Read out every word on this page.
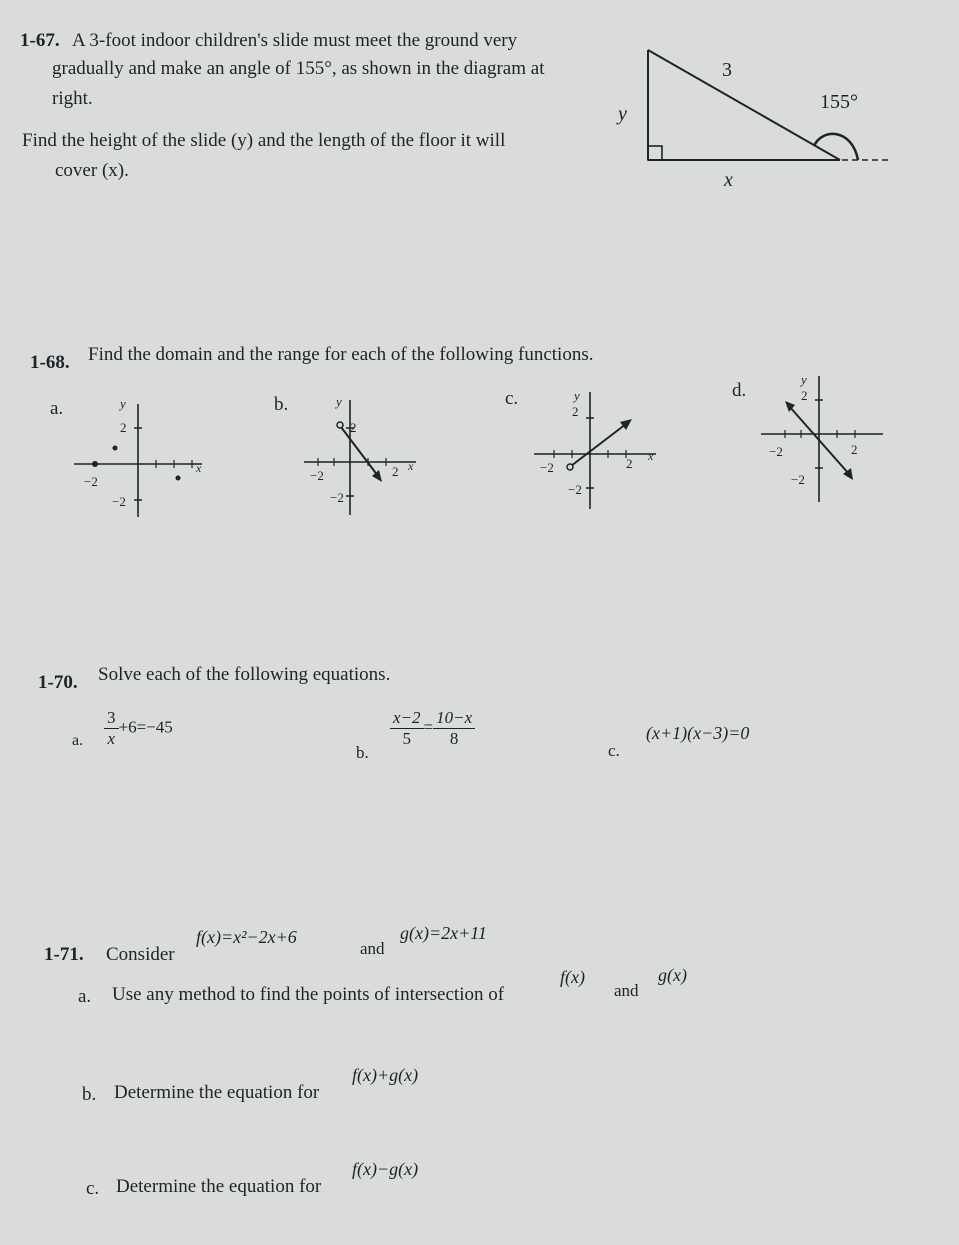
1-67. A 3-foot indoor children's slide must meet the ground very
gradually and make an angle of 155°, as shown in the diagram at
right.
Find the height of the slide (y) and the length of the floor it will
cover (x).
3
155°
y
x
1-68. Find the domain and the range for each of the following functions.
a.	y
x
2
−2
−2
b.	y
x
2
−2	2
−2
c.	y
x
2
−2	2
−2
d.
y
2
−2	2
−2
1-70. Solve each of the following equations.
a. $\frac{3}{x} +6=-45$
b.
$\frac{x-2}{5} = \frac{10-x}{8}$
c.
(x+1)(x−3)=0
1-71. Consider
f(x)=x²−2x+6
and
g(x)=2x+11
a. Use any method to find the points of intersection of
f(x)
and
g(x)
b. Determine the equation for
f(x)+g(x)
c. Determine the equation for
f(x)−g(x)
